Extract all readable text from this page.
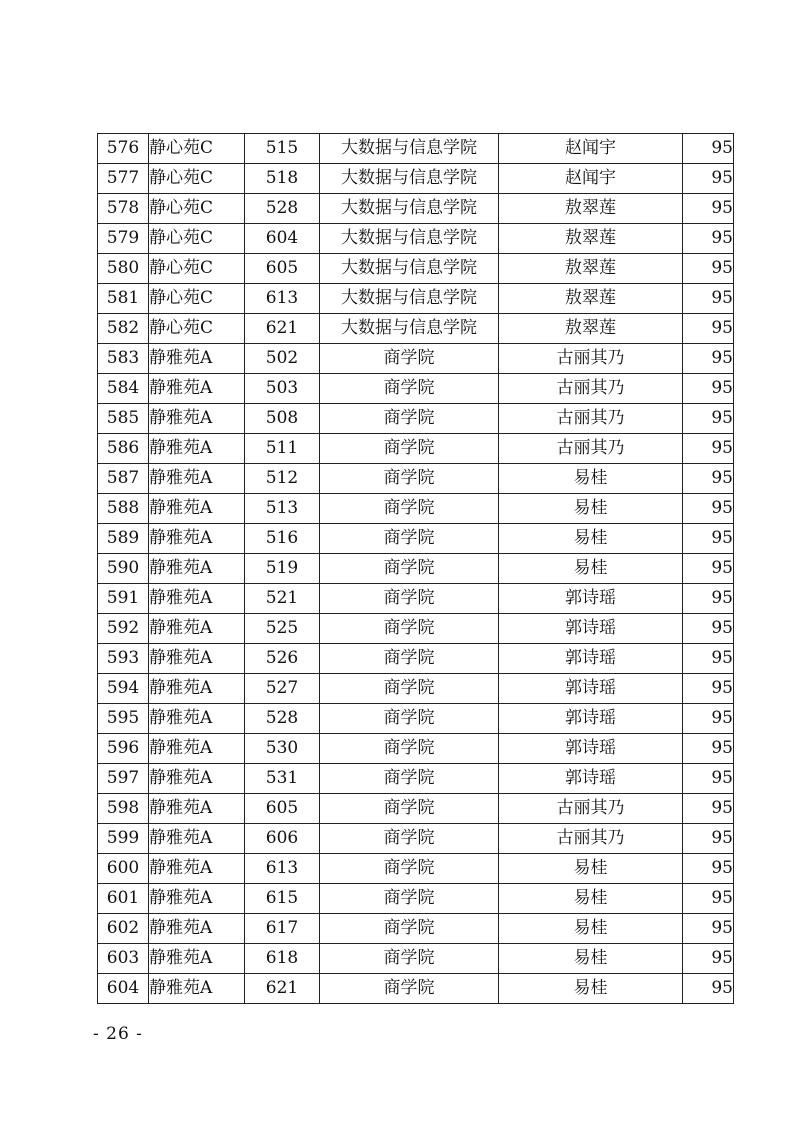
576	静心苑C	515	大数据与信息学院	赵闻宇	95
577	静心苑C	518	大数据与信息学院	赵闻宇	95
578	静心苑C	528	大数据与信息学院	敖翠莲	95
579	静心苑C	604	大数据与信息学院	敖翠莲	95
580	静心苑C	605	大数据与信息学院	敖翠莲	95
581	静心苑C	613	大数据与信息学院	敖翠莲	95
582	静心苑C	621	大数据与信息学院	敖翠莲	95
583	静雅苑A	502	商学院	古丽其乃	95
584	静雅苑A	503	商学院	古丽其乃	95
585	静雅苑A	508	商学院	古丽其乃	95
586	静雅苑A	511	商学院	古丽其乃	95
587	静雅苑A	512	商学院	易桂	95
588	静雅苑A	513	商学院	易桂	95
589	静雅苑A	516	商学院	易桂	95
590	静雅苑A	519	商学院	易桂	95
591	静雅苑A	521	商学院	郭诗瑶	95
592	静雅苑A	525	商学院	郭诗瑶	95
593	静雅苑A	526	商学院	郭诗瑶	95
594	静雅苑A	527	商学院	郭诗瑶	95
595	静雅苑A	528	商学院	郭诗瑶	95
596	静雅苑A	530	商学院	郭诗瑶	95
597	静雅苑A	531	商学院	郭诗瑶	95
598	静雅苑A	605	商学院	古丽其乃	95
599	静雅苑A	606	商学院	古丽其乃	95
600	静雅苑A	613	商学院	易桂	95
601	静雅苑A	615	商学院	易桂	95
602	静雅苑A	617	商学院	易桂	95
603	静雅苑A	618	商学院	易桂	95
604	静雅苑A	621	商学院	易桂	95
- 26 -
